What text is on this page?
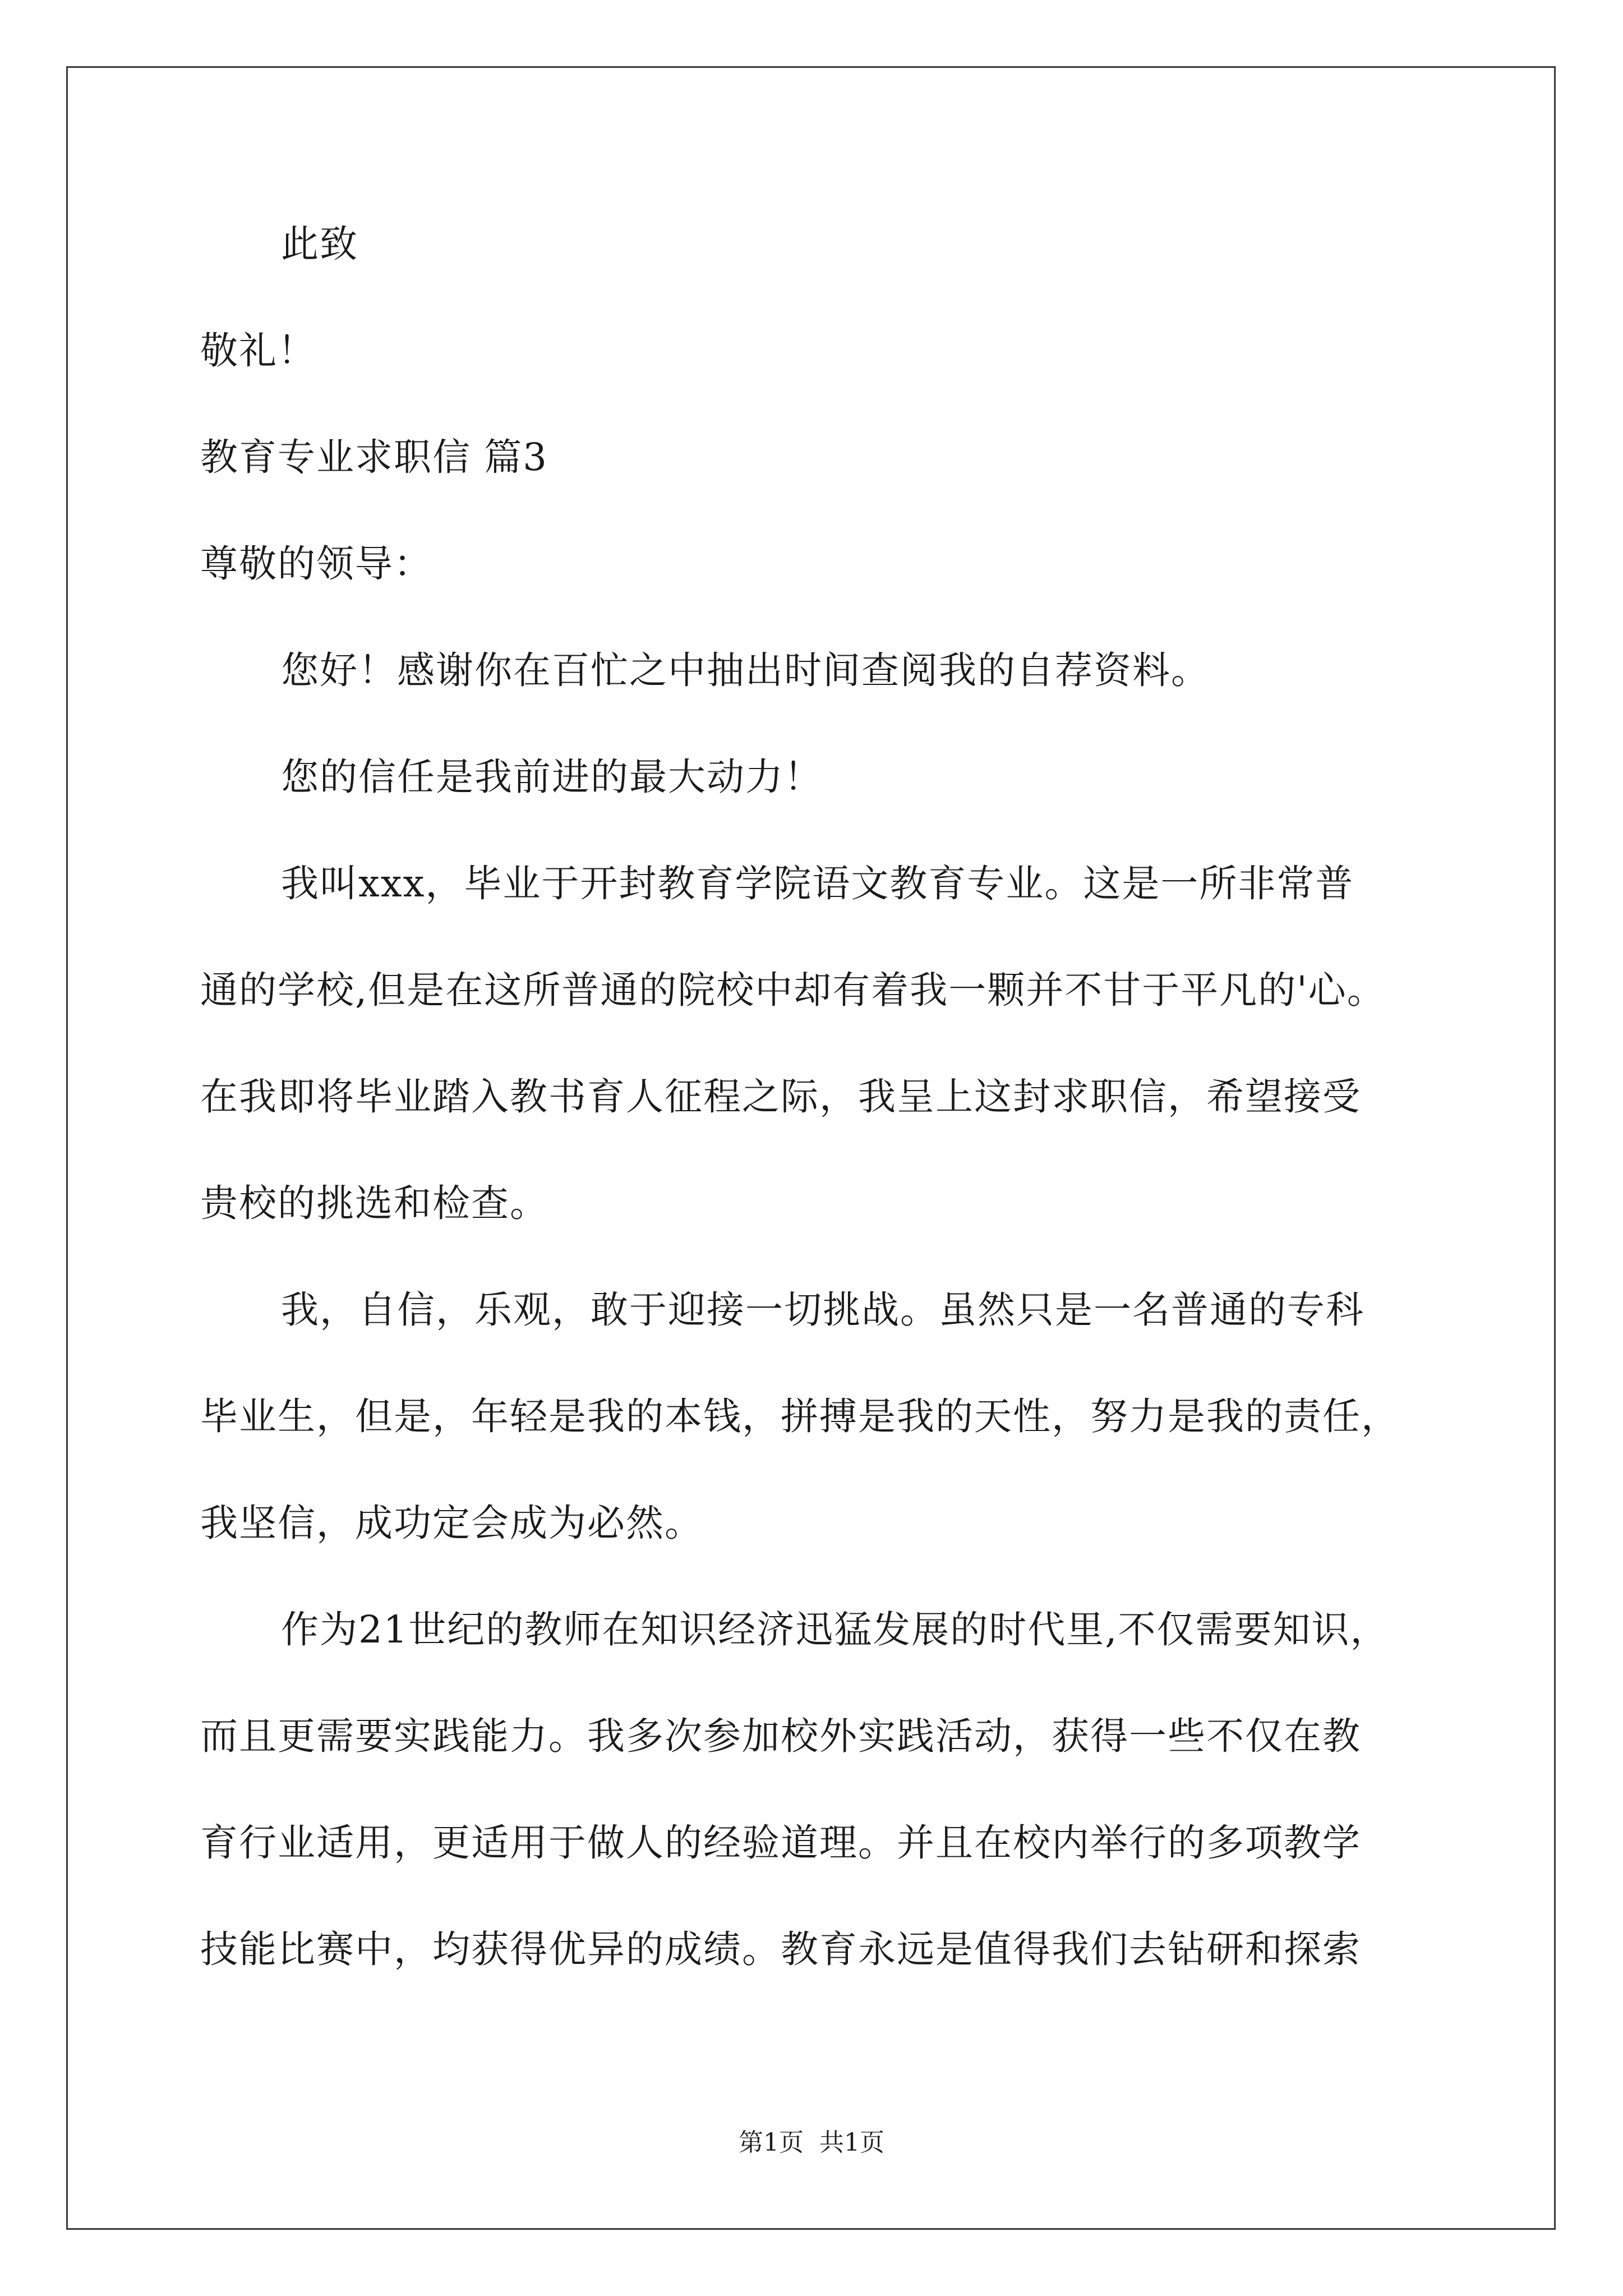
此致
敬礼！
教育专业求职信 篇3
尊敬的领导：
您好！感谢你在百忙之中抽出时间查阅我的自荐资料。
您的信任是我前进的最大动力！
我叫xxx，毕业于开封教育学院语文教育专业。这是一所非常普
通的学校,但是在这所普通的院校中却有着我一颗并不甘于平凡的'心。
在我即将毕业踏入教书育人征程之际，我呈上这封求职信，希望接受
贵校的挑选和检查。
我，自信，乐观，敢于迎接一切挑战。虽然只是一名普通的专科
毕业生，但是，年轻是我的本钱，拼搏是我的天性，努力是我的责任，
我坚信，成功定会成为必然。
作为21世纪的教师在知识经济迅猛发展的时代里,不仅需要知识，
而且更需要实践能力。我多次参加校外实践活动，获得一些不仅在教
育行业适用，更适用于做人的经验道理。并且在校内举行的多项教学
技能比赛中，均获得优异的成绩。教育永远是值得我们去钻研和探索
第1页 共1页
